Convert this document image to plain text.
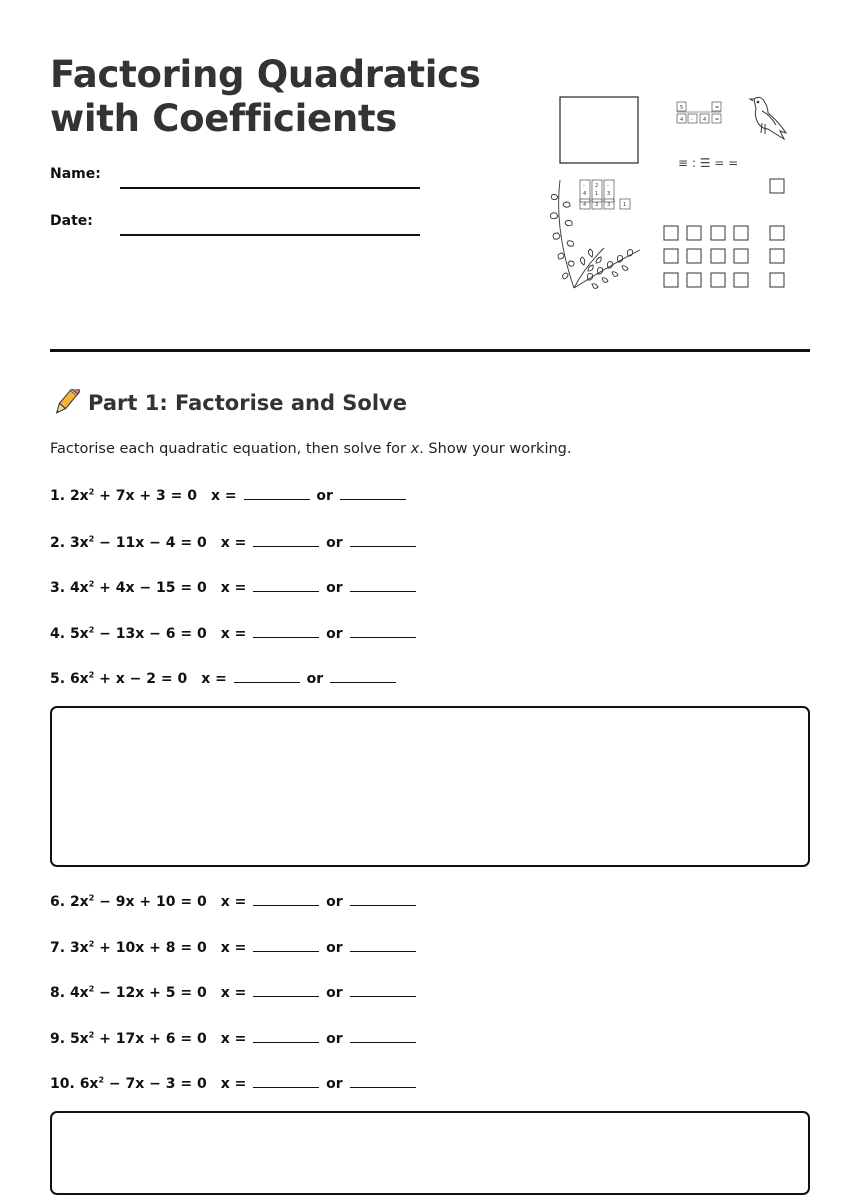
Factoring Quadratics
with Coefficients
Name:
Date:
5	=
4 - 4 =
≡ : ☰ = =
- 2 -
4 1 3
4 3 3	1
Part 1: Factorise and Solve
Factorise each quadratic equation, then solve for x. Show your working.
1. $2x^2 + 7x + 3 = 0$ x =	or
2. $3x^2 - 11x - 4 = 0$ x =	or
3. $4x^2 + 4x - 15 = 0$ x =	or
4. $5x^2 - 13x - 6 = 0$ x =	or
5. $6x^2 + x - 2 = 0$ x =	or
6. $2x^2 - 9x + 10 = 0$ x =	or
7. $3x^2 + 10x + 8 = 0$ x =	or
8. $4x^2 - 12x + 5 = 0$ x =	or
9. $5x^2 + 17x + 6 = 0$ x =	or
10. $6x^2 - 7x - 3 = 0$ x =	or
